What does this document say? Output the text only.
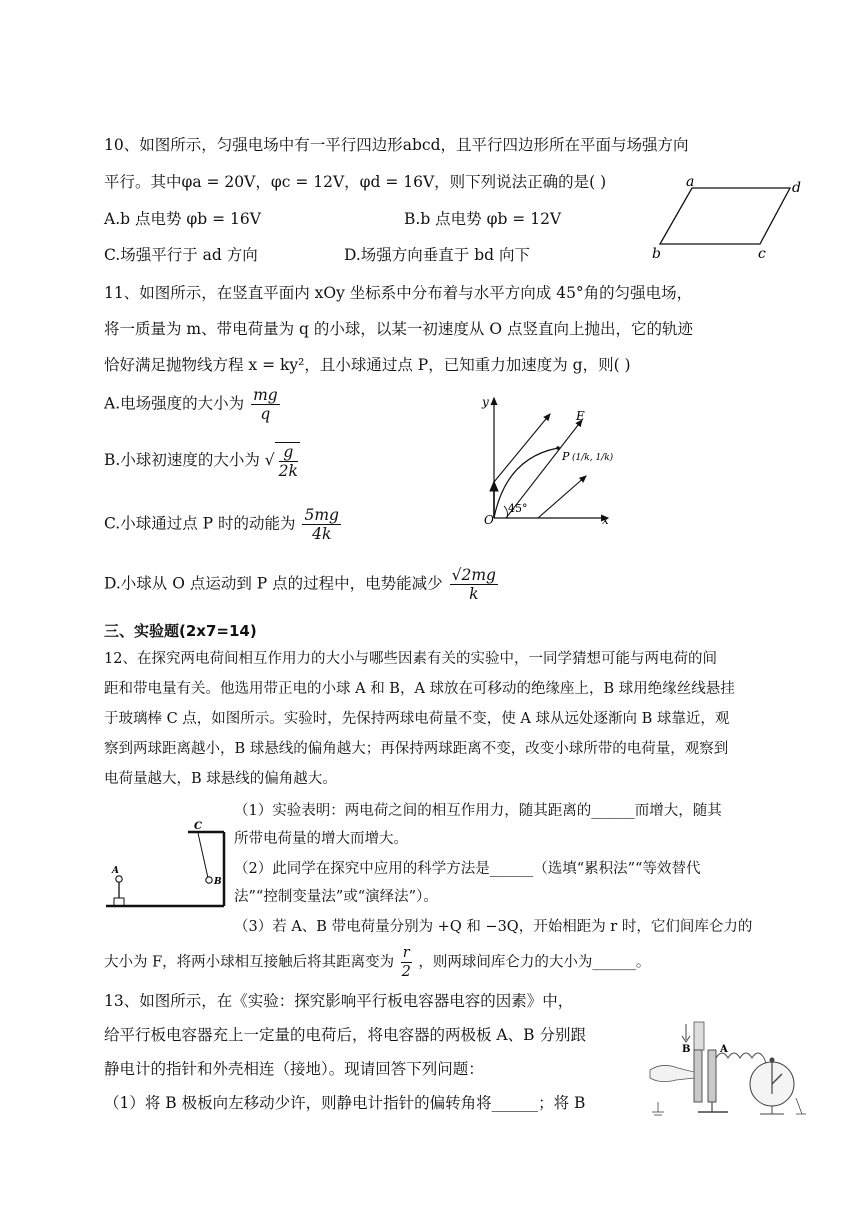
10、如图所示，匀强电场中有一平行四边形abcd，且平行四边形所在平面与场强方向
平行。其中φa = 20V，φc = 12V，φd = 16V，则下列说法正确的是( )
A.b 点电势 φb = 16V	B.b 点电势 φb = 12V
C.场强平行于 ad 方向	D.场强方向垂直于 bd 向下
a	d
b	c
11、如图所示，在竖直平面内 xOy 坐标系中分布着与水平方向成 45°角的匀强电场，
将一质量为 m、带电荷量为 q 的小球，以某一初速度从 O 点竖直向上抛出，它的轨迹
恰好满足抛物线方程 x = ky²，且小球通过点 P，已知重力加速度为 g，则( )
A.电场强度的大小为 $\frac{mg}{q}$
B.小球初速度的大小为 √ $\frac{g}{2k}$
C.小球通过点 P 时的动能为 $\frac{5mg}{4k}$
D.小球从 O 点运动到 P 点的过程中，电势能减少 $\frac{√2mg}{k}$
y
x
O
E
P (1/k, 1/k)
45°
三、实验题(2x7=14)
12、在探究两电荷间相互作用力的大小与哪些因素有关的实验中，一同学猜想可能与两电荷的间
距和带电量有关。他选用带正电的小球 A 和 B，A 球放在可移动的绝缘座上，B 球用绝缘丝线悬挂
于玻璃棒 C 点，如图所示。实验时，先保持两球电荷量不变，使 A 球从远处逐渐向 B 球靠近，观
察到两球距离越小，B 球悬线的偏角越大；再保持两球距离不变，改变小球所带的电荷量，观察到
电荷量越大，B 球悬线的偏角越大。
（1）实验表明：两电荷之间的相互作用力，随其距离的______而增大，随其
所带电荷量的增大而增大。
（2）此同学在探究中应用的科学方法是______（选填“累积法”“等效替代
法”“控制变量法”或“演绎法”）。
（3）若 A、B 带电荷量分别为 +Q 和 −3Q，开始相距为 r 时，它们间库仑力的
大小为 F，将两小球相互接触后将其距离变为 $\frac{r}{2}$ ，则两球间库仑力的大小为______。
C
B
A
13、如图所示，在《实验：探究影响平行板电容器电容的因素》中，
给平行板电容器充上一定量的电荷后，将电容器的两极板 A、B 分别跟
静电计的指针和外壳相连（接地）。现请回答下列问题：
（1）将 B 极板向左移动少许，则静电计指针的偏转角将______；将 B
B	A
